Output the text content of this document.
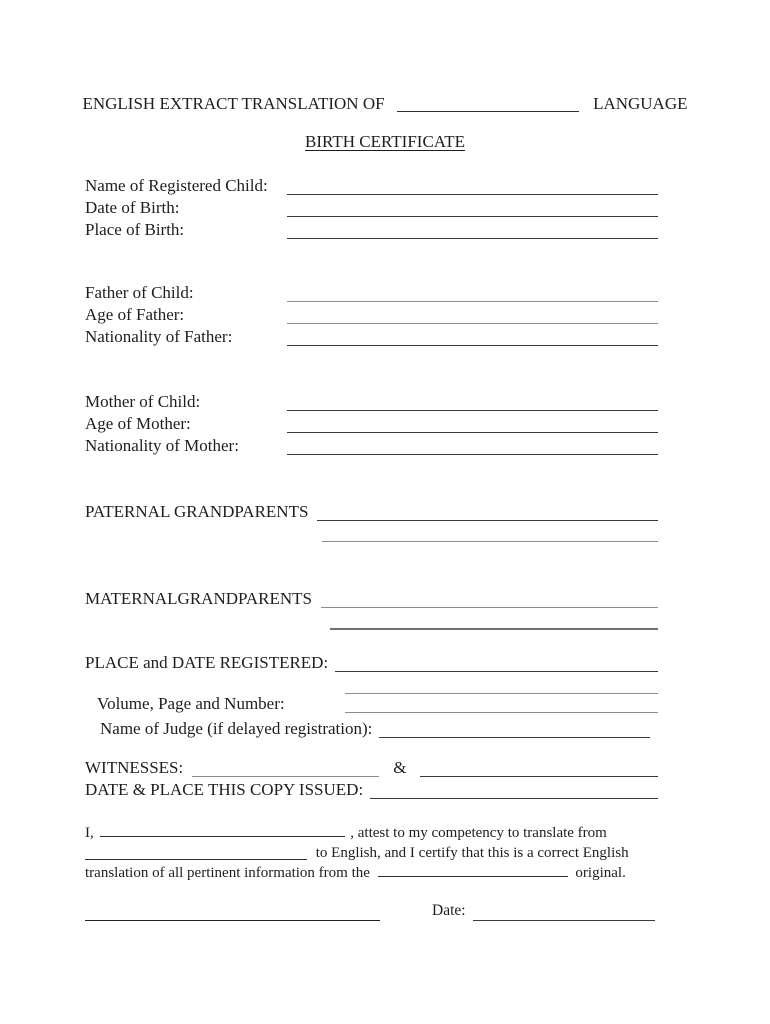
ENGLISH EXTRACT TRANSLATION OF	LANGUAGE
BIRTH CERTIFICATE
Name of Registered Child:
Date of Birth:
Place of Birth:
Father of Child:
Age of Father:
Nationality of Father:
Mother of Child:
Age of Mother:
Nationality of Mother:
PATERNAL GRANDPARENTS
MATERNALGRANDPARENTS
PLACE and DATE REGISTERED:
Volume, Page and Number:
Name of Judge (if delayed registration):
WITNESSES:	&
DATE & PLACE THIS COPY ISSUED:
I,	, attest to my competency to translate from
to English, and I certify that this is a correct English
translation of all pertinent information from the	original.
Date:
